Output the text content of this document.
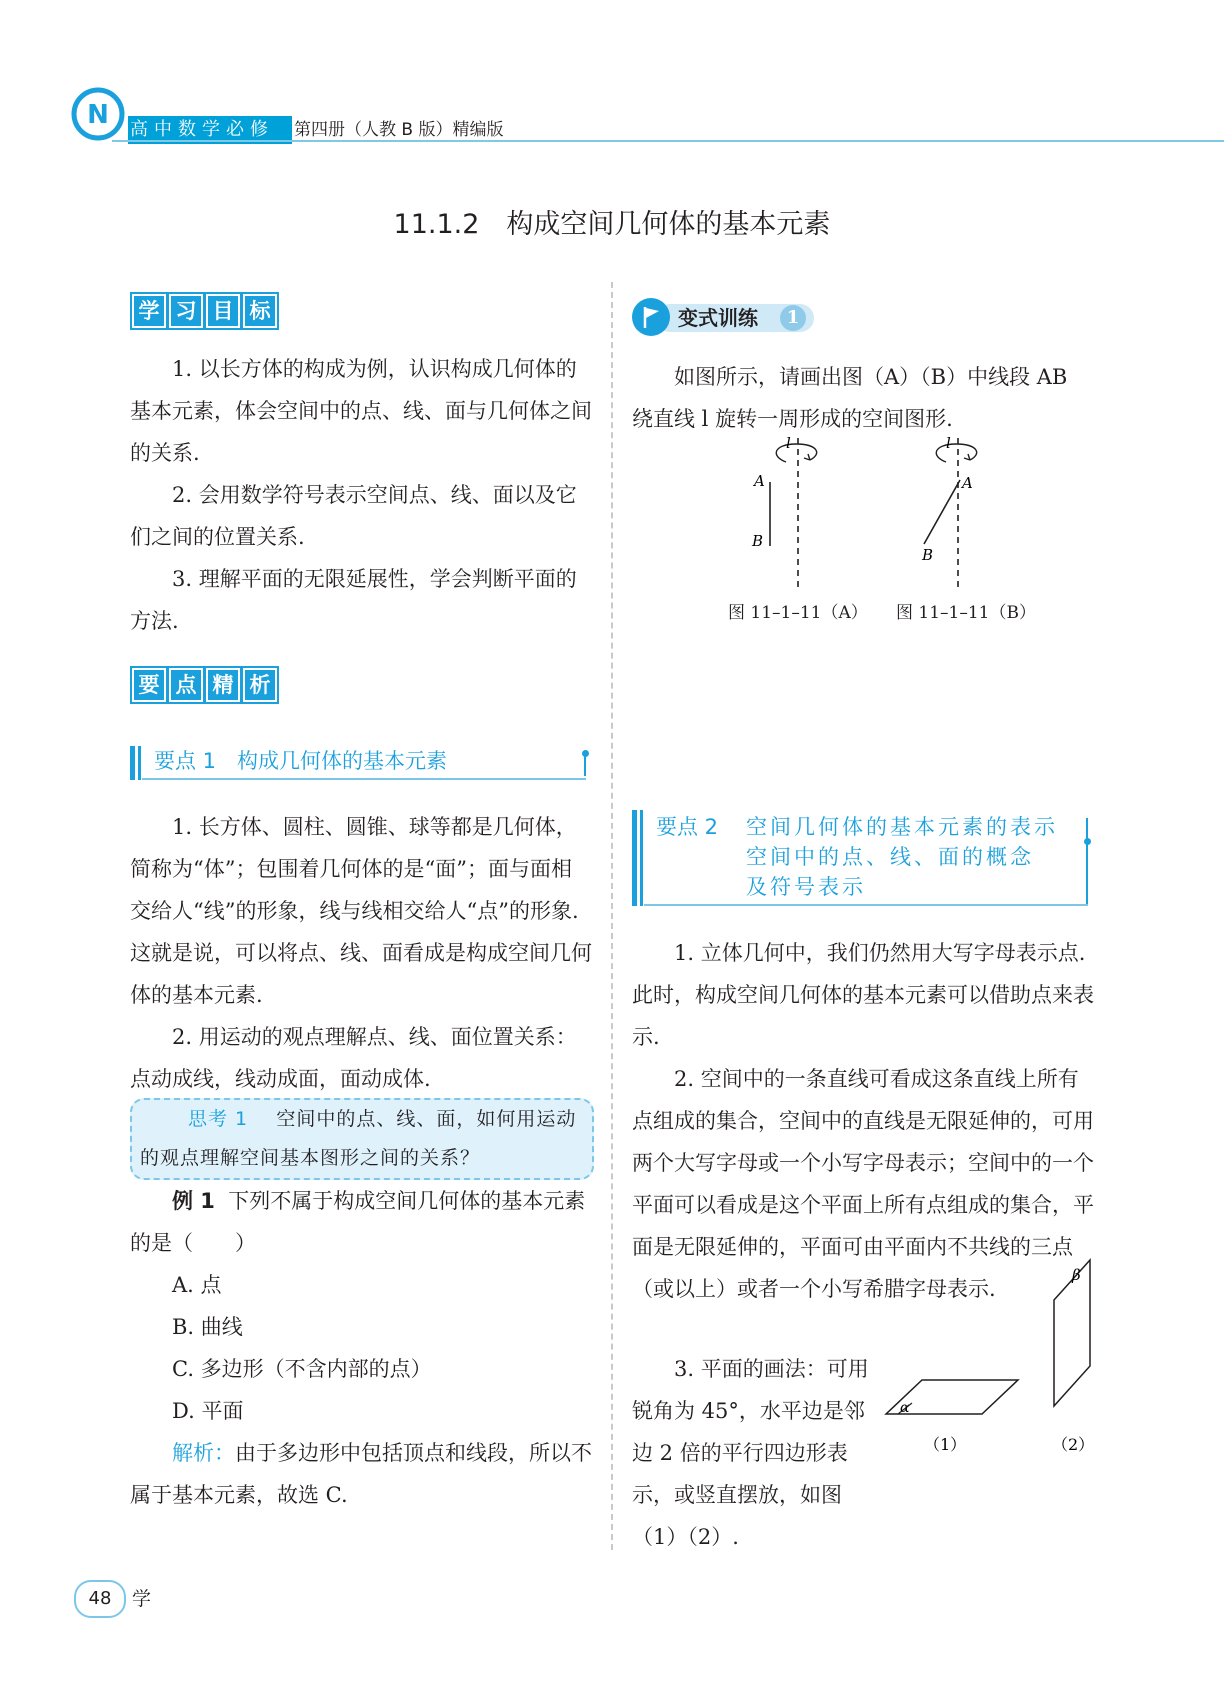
N 高中数学必修	第四册（人教 B 版）精编版
11.1.2　构成空间几何体的基本元素
学 习 目 标

1. 以长方体的构成为例，认识构成几何体的基本元素，体会空间中的点、线、面与几何体之间的关系.

2. 会用数学符号表示空间点、线、面以及它们之间的位置关系.

3. 理解平面的无限延展性，学会判断平面的方法.

要 点 精 析
要点 1　构成几何体的基本元素

1. 长方体、圆柱、圆锥、球等都是几何体，简称为“体”；包围着几何体的是“面”；面与面相交给人“线”的形象，线与线相交给人“点”的形象. 这就是说，可以将点、线、面看成是构成空间几何体的基本元素.

2. 用运动的观点理解点、线、面位置关系：点动成线，线动成面，面动成体.

思考 1 空间中的点、线、面，如何用运动的观点理解空间基本图形之间的关系？

例 1 下列不属于构成空间几何体的基本元素的是（　　）

A. 点

B. 曲线

C. 多边形（不含内部的点）

D. 平面

解析：由于多边形中包括顶点和线段，所以不属于基本元素，故选 C.

变式训练	1

如图所示，请画出图（A）（B）中线段 AB 绕直线 l 旋转一周形成的空间图形.

l
A
B
l
A
B
图 11–1–11（A） 图 11–1–11（B）
要点 2 空间几何体的基本元素的表示
空间中的点、线、面的概念
及符号表示

1. 立体几何中，我们仍然用大写字母表示点. 此时，构成空间几何体的基本元素可以借助点来表示.

2. 空间中的一条直线可看成这条直线上所有点组成的集合，空间中的直线是无限延伸的，可用两个大写字母或一个小写字母表示；空间中的一个平面可以看成是这个平面上所有点组成的集合，平面是无限延伸的，平面可由平面内不共线的三点（或以上）或者一个小写希腊字母表示.

3. 平面的画法：可用锐角为 45°，水平边是邻边 2 倍的平行四边形表示，或竖直摆放，如图（1）（2）.

α
β
（1）	（2）
48	学
